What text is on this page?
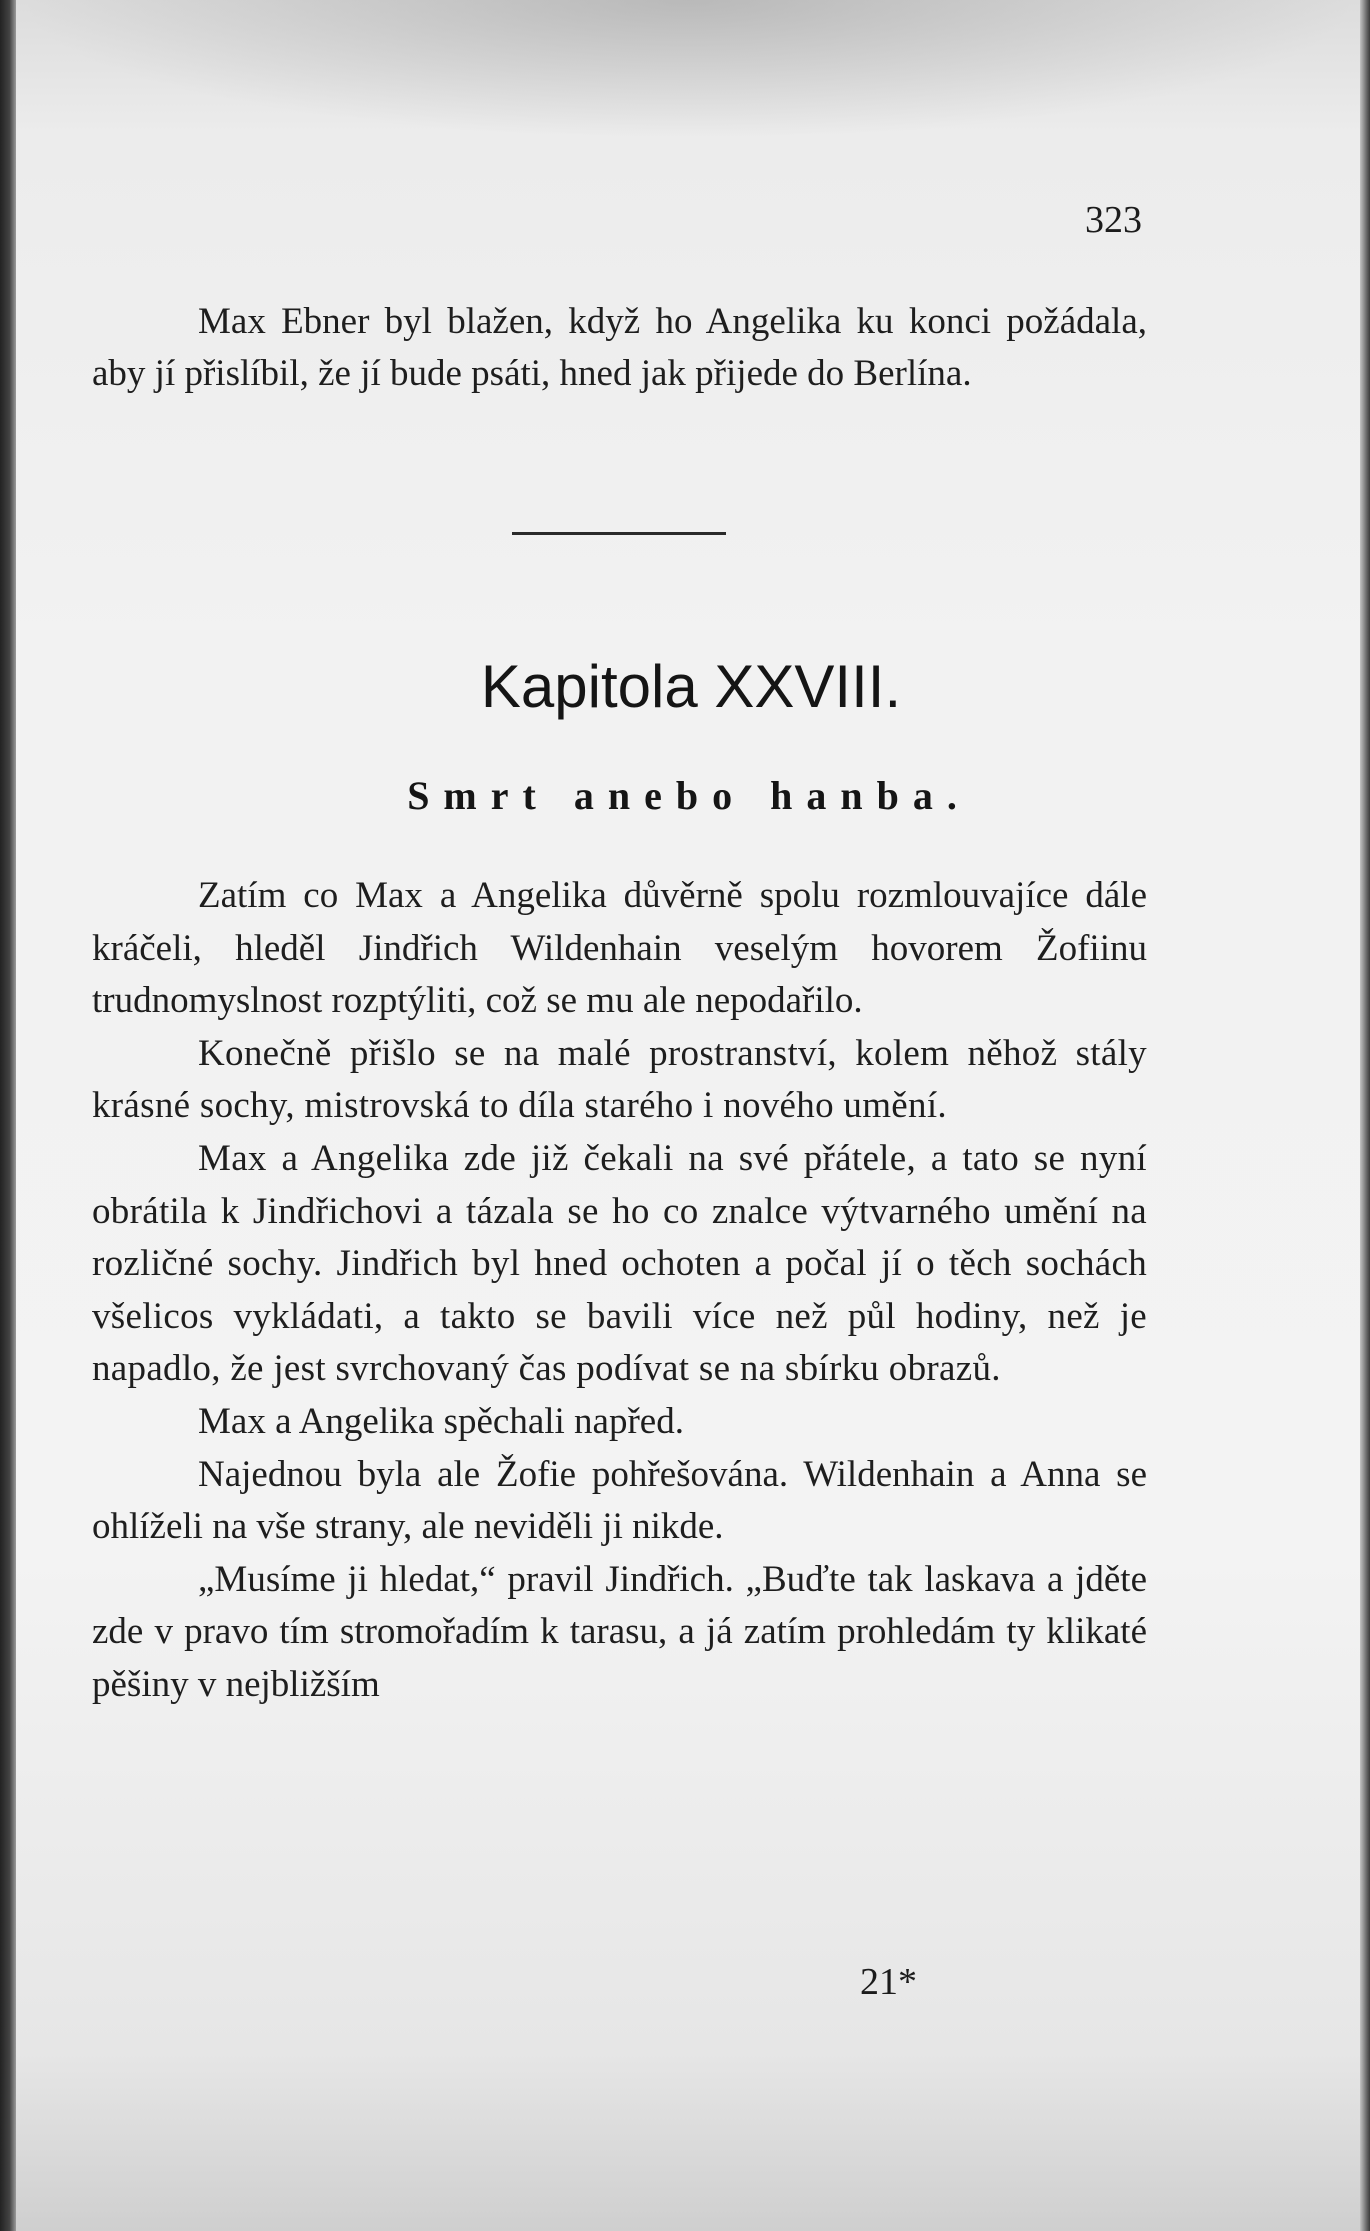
323

Max Ebner byl blažen, když ho Angelika ku konci požádala, aby jí přislíbil, že jí bude psáti, hned jak přijede do Berlína.

Kapitola XXVIII.
Smrt anebo hanba.

Zatím co Max a Angelika důvěrně spolu rozmlouvajíce dále kráčeli, hleděl Jindřich Wildenhain veselým hovorem Žofiinu trudnomyslnost rozptýliti, což se mu ale nepodařilo.

Konečně přišlo se na malé prostranství, kolem něhož stály krásné sochy, mistrovská to díla starého i nového umění.

Max a Angelika zde již čekali na své přátele, a tato se nyní obrátila k Jindřichovi a tázala se ho co znalce výtvarného umění na rozličné sochy. Jindřich byl hned ochoten a počal jí o těch sochách všelicos vykládati, a takto se bavili více než půl hodiny, než je napadlo, že jest svrchovaný čas podívat se na sbírku obrazů.

Max a Angelika spěchali napřed.

Najednou byla ale Žofie pohřešována. Wildenhain a Anna se ohlíželi na vše strany, ale neviděli ji nikde.

„Musíme ji hledat,“ pravil Jindřich. „Buďte tak laskava a jděte zde v pravo tím stromořadím k tarasu, a já zatím prohledám ty klikaté pěšiny v nejbližším

21*
